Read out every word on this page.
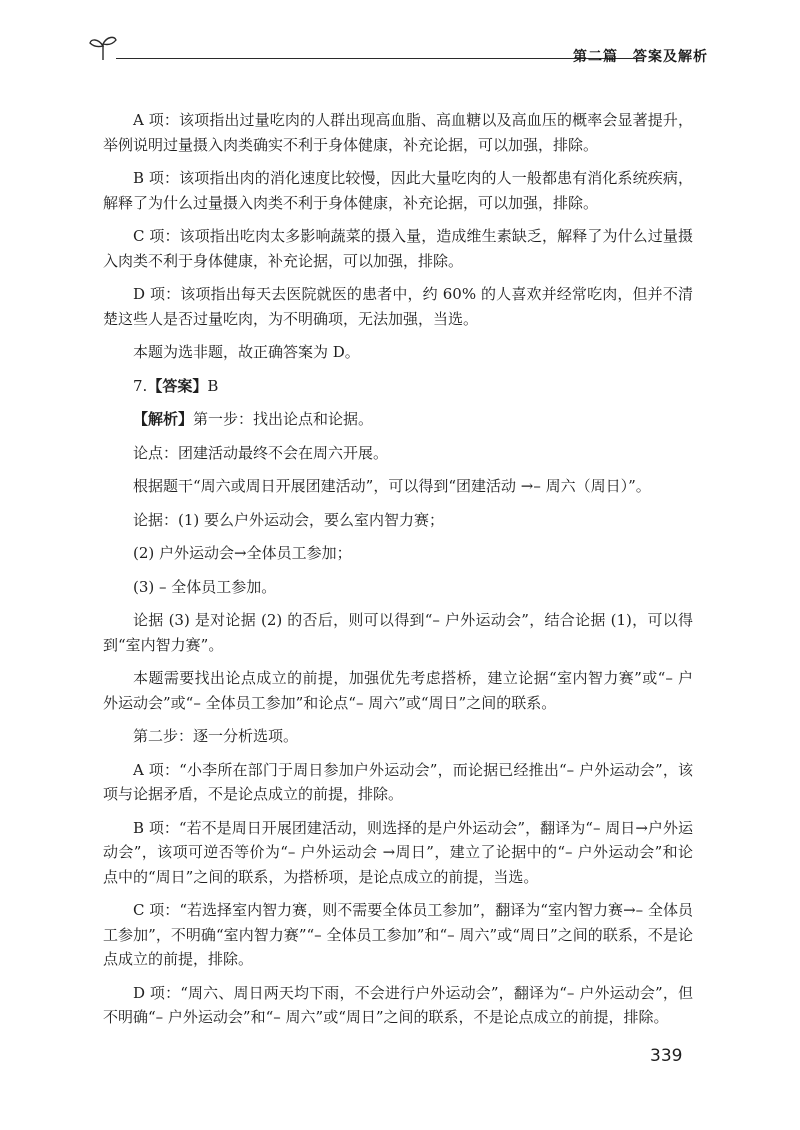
第二篇　答案及解析

A 项：该项指出过量吃肉的人群出现高血脂、高血糖以及高血压的概率会显著提升，举例说明过量摄入肉类确实不利于身体健康，补充论据，可以加强，排除。

B 项：该项指出肉的消化速度比较慢，因此大量吃肉的人一般都患有消化系统疾病，解释了为什么过量摄入肉类不利于身体健康，补充论据，可以加强，排除。

C 项：该项指出吃肉太多影响蔬菜的摄入量，造成维生素缺乏，解释了为什么过量摄入肉类不利于身体健康，补充论据，可以加强，排除。

D 项：该项指出每天去医院就医的患者中，约 60% 的人喜欢并经常吃肉，但并不清楚这些人是否过量吃肉，为不明确项，无法加强，当选。

本题为选非题，故正确答案为 D。

7.【答案】B

【解析】第一步：找出论点和论据。

论点：团建活动最终不会在周六开展。

根据题干“周六或周日开展团建活动”，可以得到“团建活动 →– 周六（周日）”。

论据：(1) 要么户外运动会，要么室内智力赛；

(2) 户外运动会→全体员工参加；

(3) – 全体员工参加。

论据 (3) 是对论据 (2) 的否后，则可以得到“– 户外运动会”，结合论据 (1)，可以得到“室内智力赛”。

本题需要找出论点成立的前提，加强优先考虑搭桥，建立论据“室内智力赛”或“– 户外运动会”或“– 全体员工参加”和论点“– 周六”或“周日”之间的联系。

第二步：逐一分析选项。

A 项：“小李所在部门于周日参加户外运动会”，而论据已经推出“– 户外运动会”，该项与论据矛盾，不是论点成立的前提，排除。

B 项：“若不是周日开展团建活动，则选择的是户外运动会”，翻译为“– 周日→户外运动会”，该项可逆否等价为“– 户外运动会 →周日”，建立了论据中的“– 户外运动会”和论点中的“周日”之间的联系，为搭桥项，是论点成立的前提，当选。

C 项：“若选择室内智力赛，则不需要全体员工参加”，翻译为“室内智力赛→– 全体员工参加”，不明确“室内智力赛”“– 全体员工参加”和“– 周六”或“周日”之间的联系，不是论点成立的前提，排除。

D 项：“周六、周日两天均下雨，不会进行户外运动会”，翻译为“– 户外运动会”，但不明确“– 户外运动会”和“– 周六”或“周日”之间的联系，不是论点成立的前提，排除。

339
